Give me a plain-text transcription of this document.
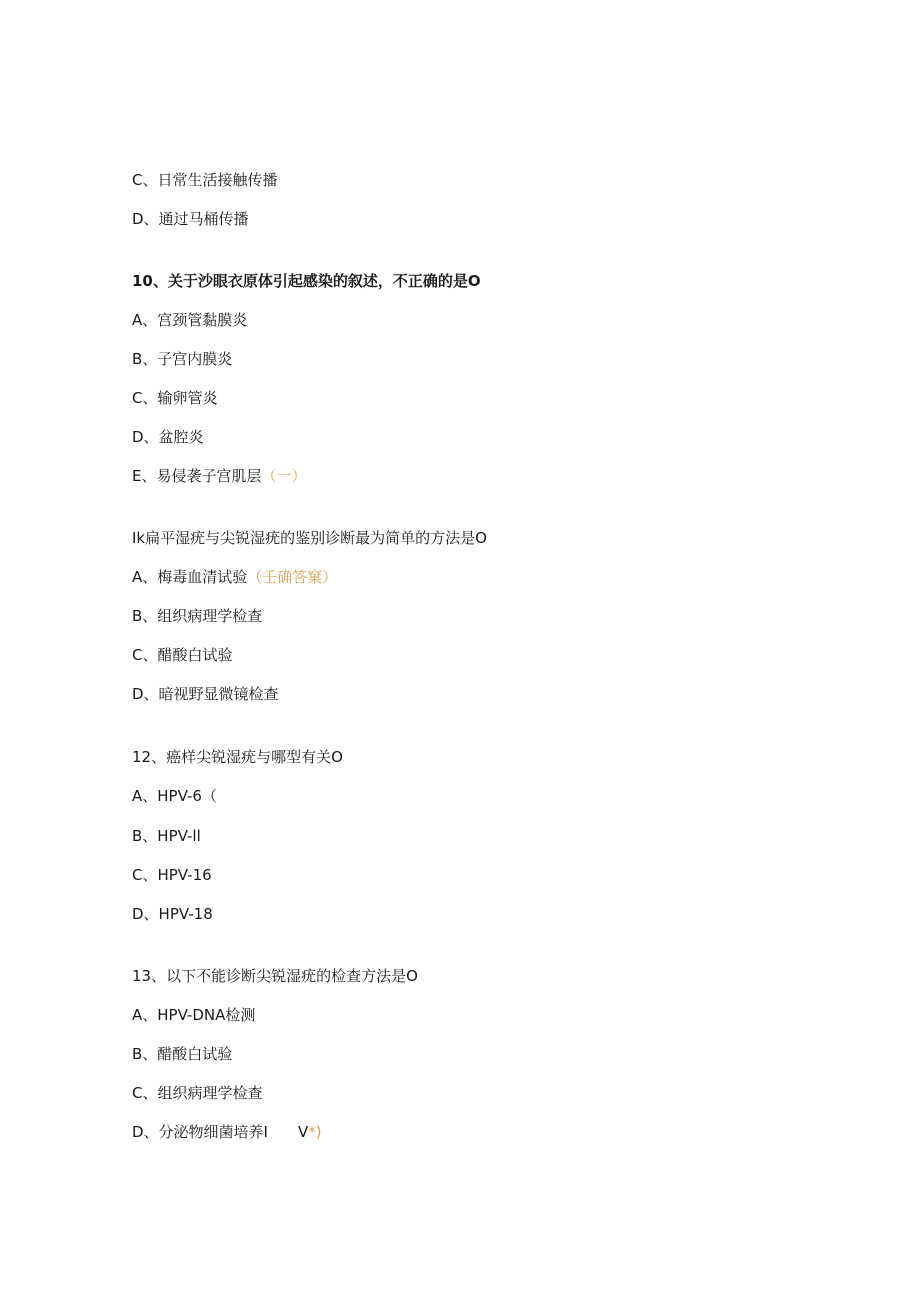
C、日常生活接触传播
D、通过马桶传播
10、关于沙眼衣原体引起感染的叙述，不正确的是O
A、宫颈管黏膜炎
B、子宫内膜炎
C、输卵管炎
D、盆腔炎
E、易侵袭子宫肌层（一）
Ik扁平湿疣与尖锐湿疣的鉴别诊断最为简单的方法是O
A、梅毒血清试验（壬确答窠）
B、组织病理学检查
C、醋酸白试验
D、暗视野显微镜检查
12、癌样尖锐湿疣与哪型有关O
A、HPV-6（
B、HPV-ll
C、HPV-16
D、HPV-18
13、以下不能诊断尖锐湿疣的检查方法是O
A、HPV-DNA检测
B、醋酸白试验
C、组织病理学检查
D、分泌物细菌培养I　　V*)
